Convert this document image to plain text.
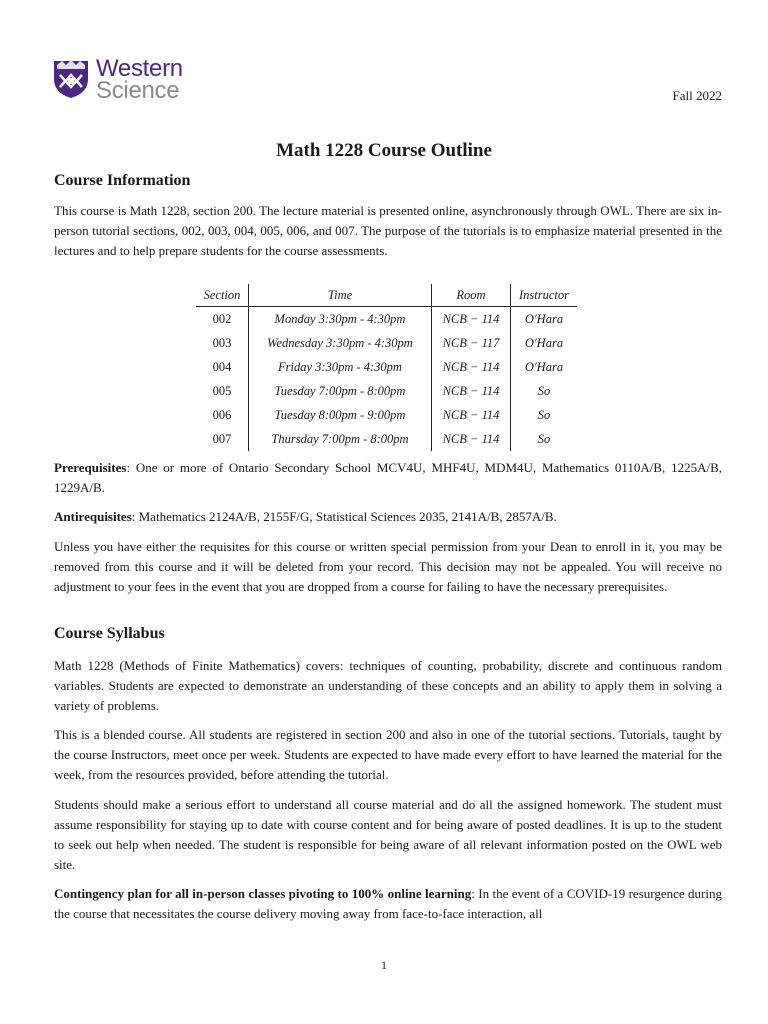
Western
Science	Fall 2022
Math 1228 Course Outline
Course Information

This course is Math 1228, section 200. The lecture material is presented online, asynchronously through OWL. There are six in-person tutorial sections, 002, 003, 004, 005, 006, and 007. The purpose of the tutorials is to emphasize material presented in the lectures and to help prepare students for the course assessments.

Section	Time	Room	Instructor
002	Monday 3:30pm - 4:30pm	NCB − 114	O′Hara
003	Wednesday 3:30pm - 4:30pm	NCB − 117	O′Hara
004	Friday 3:30pm - 4:30pm	NCB − 114	O′Hara
005	Tuesday 7:00pm - 8:00pm	NCB − 114	So
006	Tuesday 8:00pm - 9:00pm	NCB − 114	So
007	Thursday 7:00pm - 8:00pm	NCB − 114	So

Prerequisites: One or more of Ontario Secondary School MCV4U, MHF4U, MDM4U, Mathematics 0110A/B, 1225A/B, 1229A/B.

Antirequisites: Mathematics 2124A/B, 2155F/G, Statistical Sciences 2035, 2141A/B, 2857A/B.

Unless you have either the requisites for this course or written special permission from your Dean to enroll in it, you may be removed from this course and it will be deleted from your record. This decision may not be appealed. You will receive no adjustment to your fees in the event that you are dropped from a course for failing to have the necessary prerequisites.

Course Syllabus

Math 1228 (Methods of Finite Mathematics) covers: techniques of counting, probability, discrete and continuous random variables. Students are expected to demonstrate an understanding of these concepts and an ability to apply them in solving a variety of problems.

This is a blended course. All students are registered in section 200 and also in one of the tutorial sections. Tutorials, taught by the course Instructors, meet once per week. Students are expected to have made every effort to have learned the material for the week, from the resources provided, before attending the tutorial.

Students should make a serious effort to understand all course material and do all the assigned homework. The student must assume responsibility for staying up to date with course content and for being aware of posted deadlines. It is up to the student to seek out help when needed. The student is responsible for being aware of all relevant information posted on the OWL web site.

Contingency plan for all in-person classes pivoting to 100% online learning: In the event of a COVID-19 resurgence during the course that necessitates the course delivery moving away from face-to-face interaction, all

1
